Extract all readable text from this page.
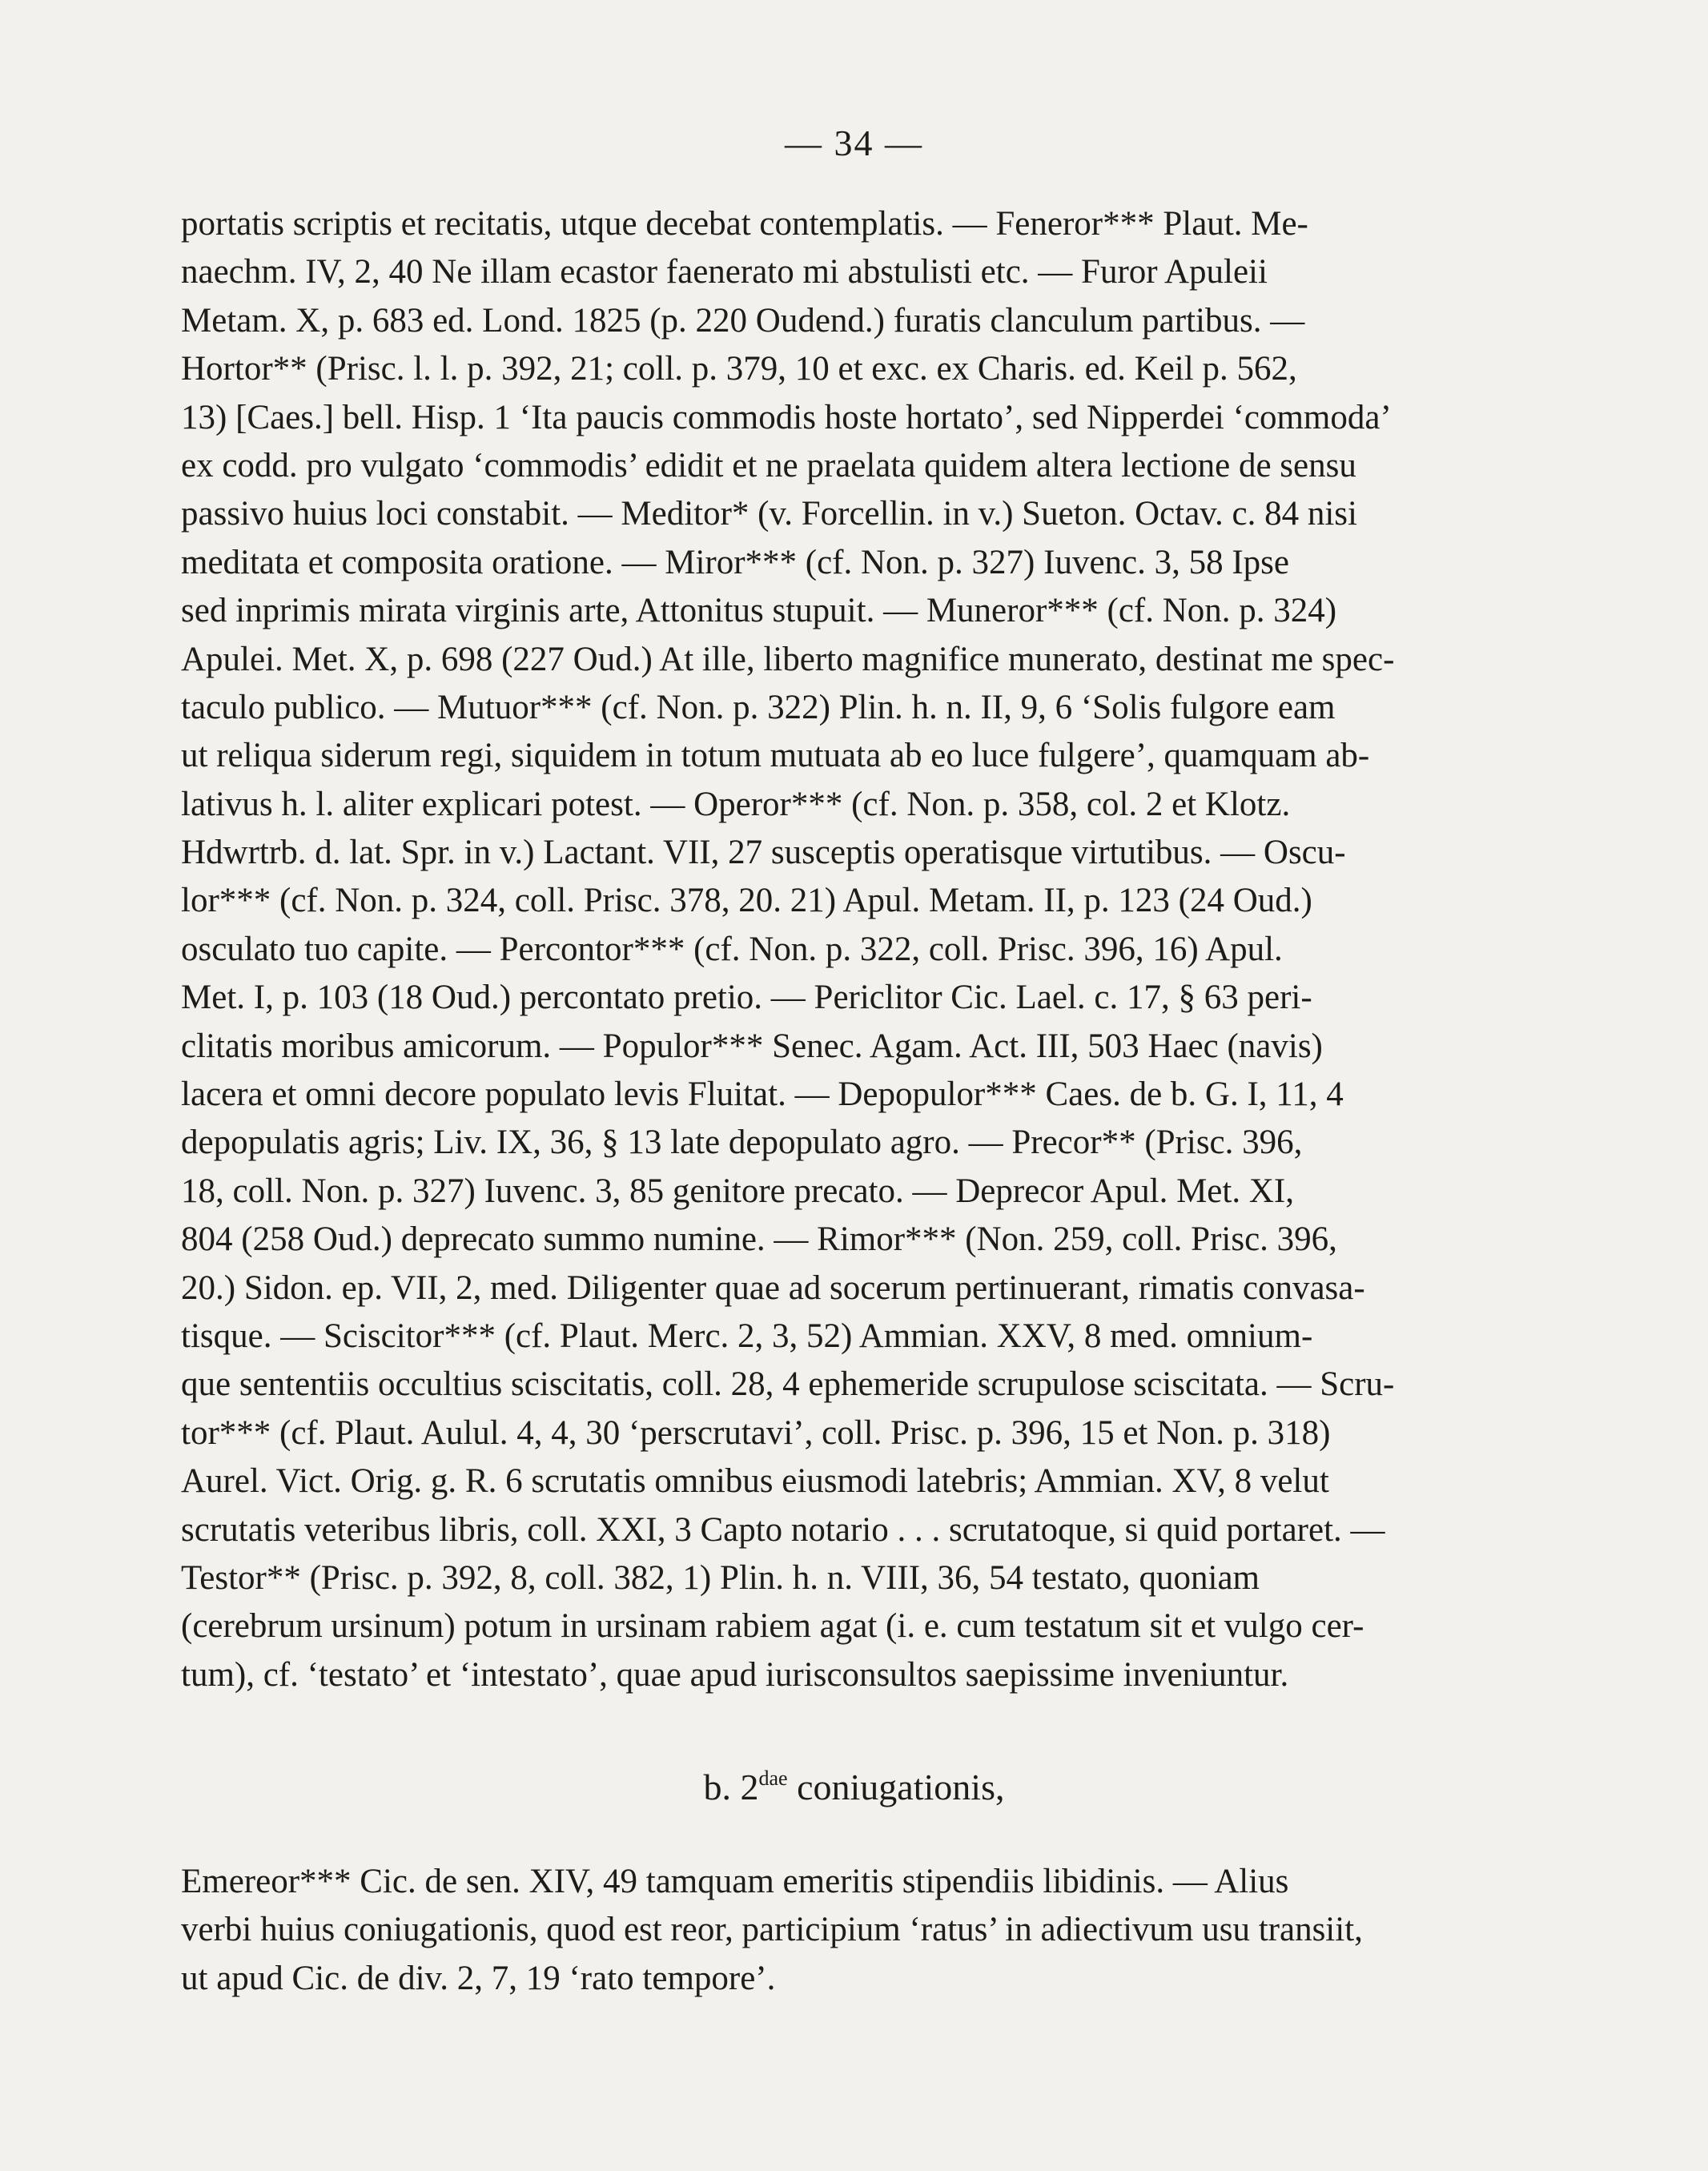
— 34 —
portatis scriptis et recitatis, utque decebat contemplatis. — Feneror*** Plaut. Me-
naechm. IV, 2, 40 Ne illam ecastor faenerato mi abstulisti etc. — Furor Apuleii
Metam. X, p. 683 ed. Lond. 1825 (p. 220 Oudend.) furatis clanculum partibus. —
Hortor** (Prisc. l. l. p. 392, 21; coll. p. 379, 10 et exc. ex Charis. ed. Keil p. 562,
13) [Caes.] bell. Hisp. 1 ‘Ita paucis commodis hoste hortato’, sed Nipperdei ‘commoda’
ex codd. pro vulgato ‘commodis’ edidit et ne praelata quidem altera lectione de sensu
passivo huius loci constabit. — Meditor* (v. Forcellin. in v.) Sueton. Octav. c. 84 nisi
meditata et composita oratione. — Miror*** (cf. Non. p. 327) Iuvenc. 3, 58 Ipse
sed inprimis mirata virginis arte, Attonitus stupuit. — Muneror*** (cf. Non. p. 324)
Apulei. Met. X, p. 698 (227 Oud.) At ille, liberto magnifice munerato, destinat me spec-
taculo publico. — Mutuor*** (cf. Non. p. 322) Plin. h. n. II, 9, 6 ‘Solis fulgore eam
ut reliqua siderum regi, siquidem in totum mutuata ab eo luce fulgere’, quamquam ab-
lativus h. l. aliter explicari potest. — Operor*** (cf. Non. p. 358, col. 2 et Klotz.
Hdwrtrb. d. lat. Spr. in v.) Lactant. VII, 27 susceptis operatisque virtutibus. — Oscu-
lor*** (cf. Non. p. 324, coll. Prisc. 378, 20. 21) Apul. Metam. II, p. 123 (24 Oud.)
osculato tuo capite. — Percontor*** (cf. Non. p. 322, coll. Prisc. 396, 16) Apul.
Met. I, p. 103 (18 Oud.) percontato pretio. — Periclitor Cic. Lael. c. 17, § 63 peri-
clitatis moribus amicorum. — Populor*** Senec. Agam. Act. III, 503 Haec (navis)
lacera et omni decore populato levis Fluitat. — Depopulor*** Caes. de b. G. I, 11, 4
depopulatis agris; Liv. IX, 36, § 13 late depopulato agro. — Precor** (Prisc. 396,
18, coll. Non. p. 327) Iuvenc. 3, 85 genitore precato. — Deprecor Apul. Met. XI,
804 (258 Oud.) deprecato summo numine. — Rimor*** (Non. 259, coll. Prisc. 396,
20.) Sidon. ep. VII, 2, med. Diligenter quae ad socerum pertinuerant, rimatis convasa-
tisque. — Sciscitor*** (cf. Plaut. Merc. 2, 3, 52) Ammian. XXV, 8 med. omnium-
que sententiis occultius sciscitatis, coll. 28, 4 ephemeride scrupulose sciscitata. — Scru-
tor*** (cf. Plaut. Aulul. 4, 4, 30 ‘perscrutavi’, coll. Prisc. p. 396, 15 et Non. p. 318)
Aurel. Vict. Orig. g. R. 6 scrutatis omnibus eiusmodi latebris; Ammian. XV, 8 velut
scrutatis veteribus libris, coll. XXI, 3 Capto notario . . . scrutatoque, si quid portaret. —
Testor** (Prisc. p. 392, 8, coll. 382, 1) Plin. h. n. VIII, 36, 54 testato, quoniam
(cerebrum ursinum) potum in ursinam rabiem agat (i. e. cum testatum sit et vulgo cer-
tum), cf. ‘testato’ et ‘intestato’, quae apud iurisconsultos saepissime inveniuntur.
b. $2^{dae}$ coniugationis,
Emereor*** Cic. de sen. XIV, 49 tamquam emeritis stipendiis libidinis. — Alius
verbi huius coniugationis, quod est reor, participium ‘ratus’ in adiectivum usu transiit,
ut apud Cic. de div. 2, 7, 19 ‘rato tempore’.
